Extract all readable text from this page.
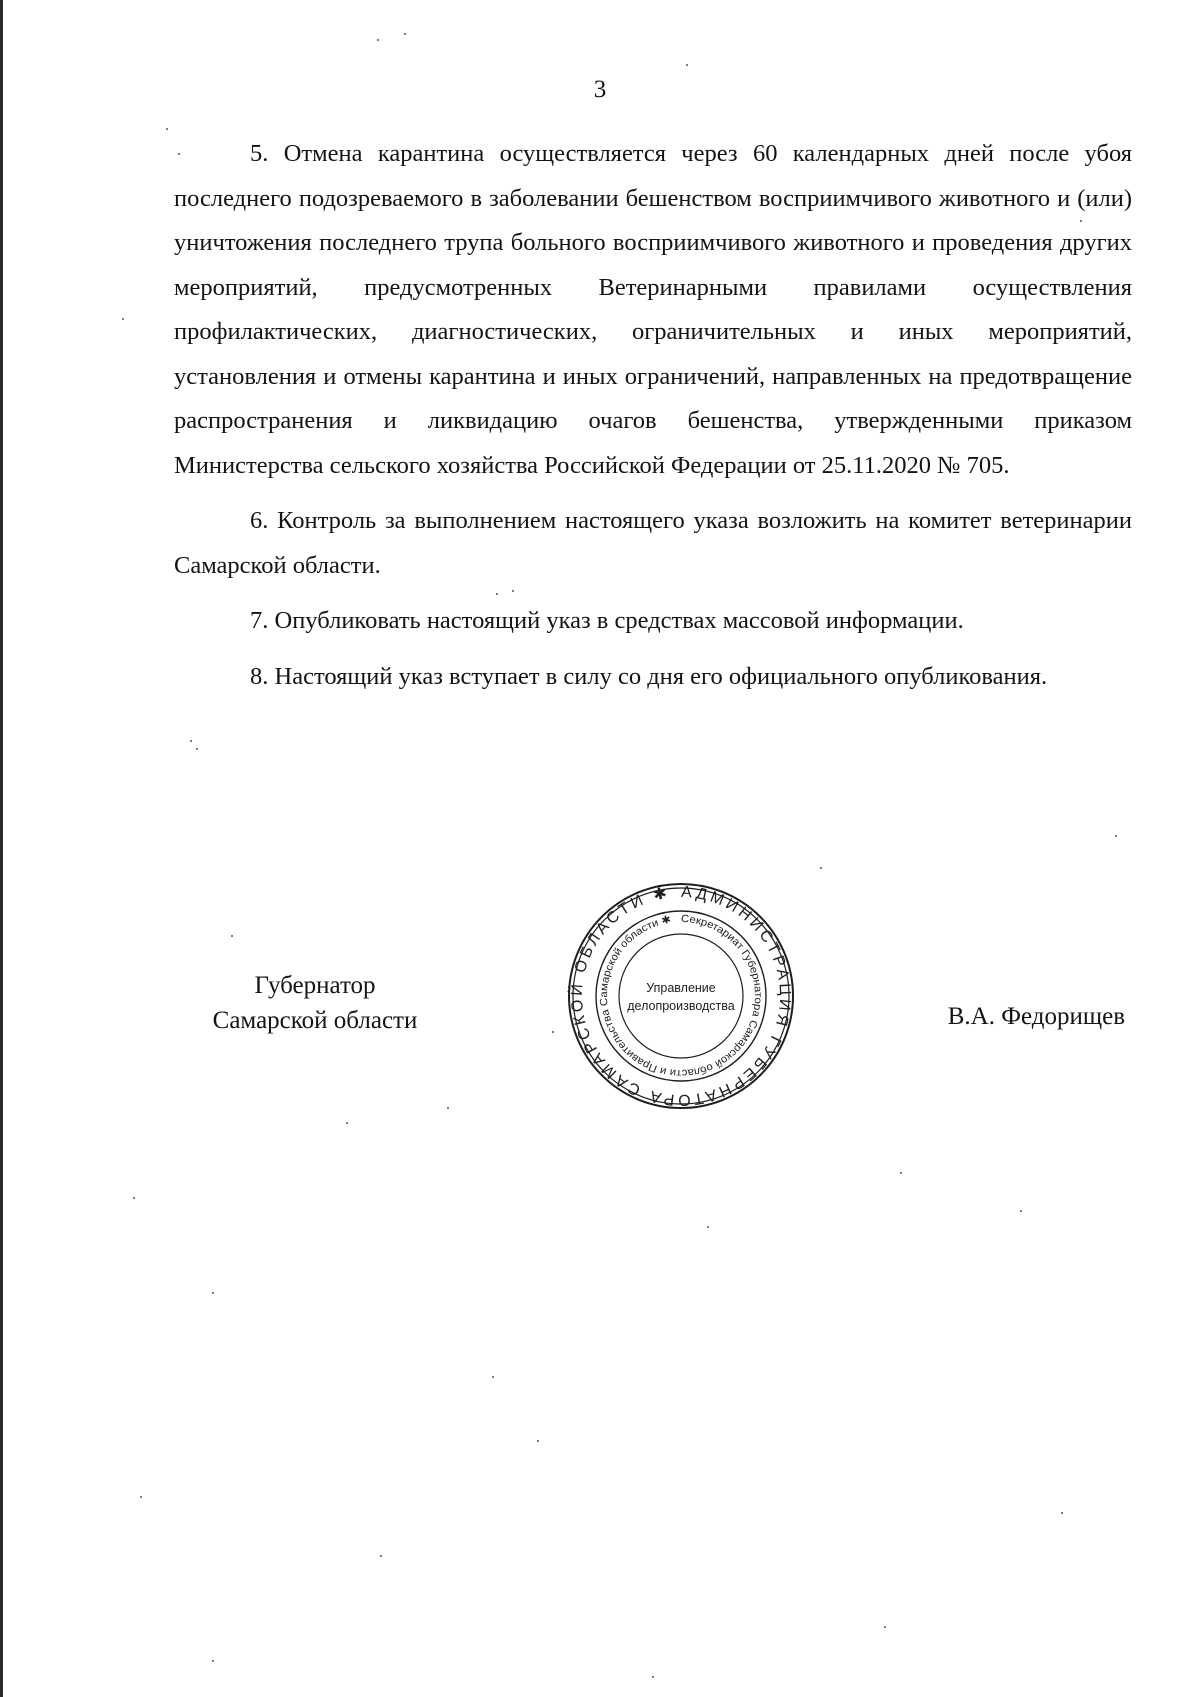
3

5. Отмена карантина осуществляется через 60 календарных дней после убоя последнего подозреваемого в заболевании бешенством восприимчивого животного и (или) уничтожения последнего трупа больного восприимчивого животного и проведения других мероприятий, предусмотренных Ветеринарными правилами осуществления профилактических, диагностических, ограничительных и иных мероприятий, установления и отмены карантина и иных ограничений, направленных на предотвращение распространения и ликвидацию очагов бешенства, утвержденными приказом Министерства сельского хозяйства Российской Федерации от 25.11.2020 № 705.

6. Контроль за выполнением настоящего указа возложить на комитет ветеринарии Самарской области.

7. Опубликовать настоящий указ в средствах массовой информации.

8. Настоящий указ вступает в силу со дня его официального опубликования.

Губернатор
Самарской области	В.А. Федорищев
АДМИНИСТРАЦИЯ ГУБЕРНАТОРА САМАРСКОЙ ОБЛАСТИ ✱
Секретариат Губернатора Самарской области и Правительства Самарской области ✱
Управление
делопроизводства
